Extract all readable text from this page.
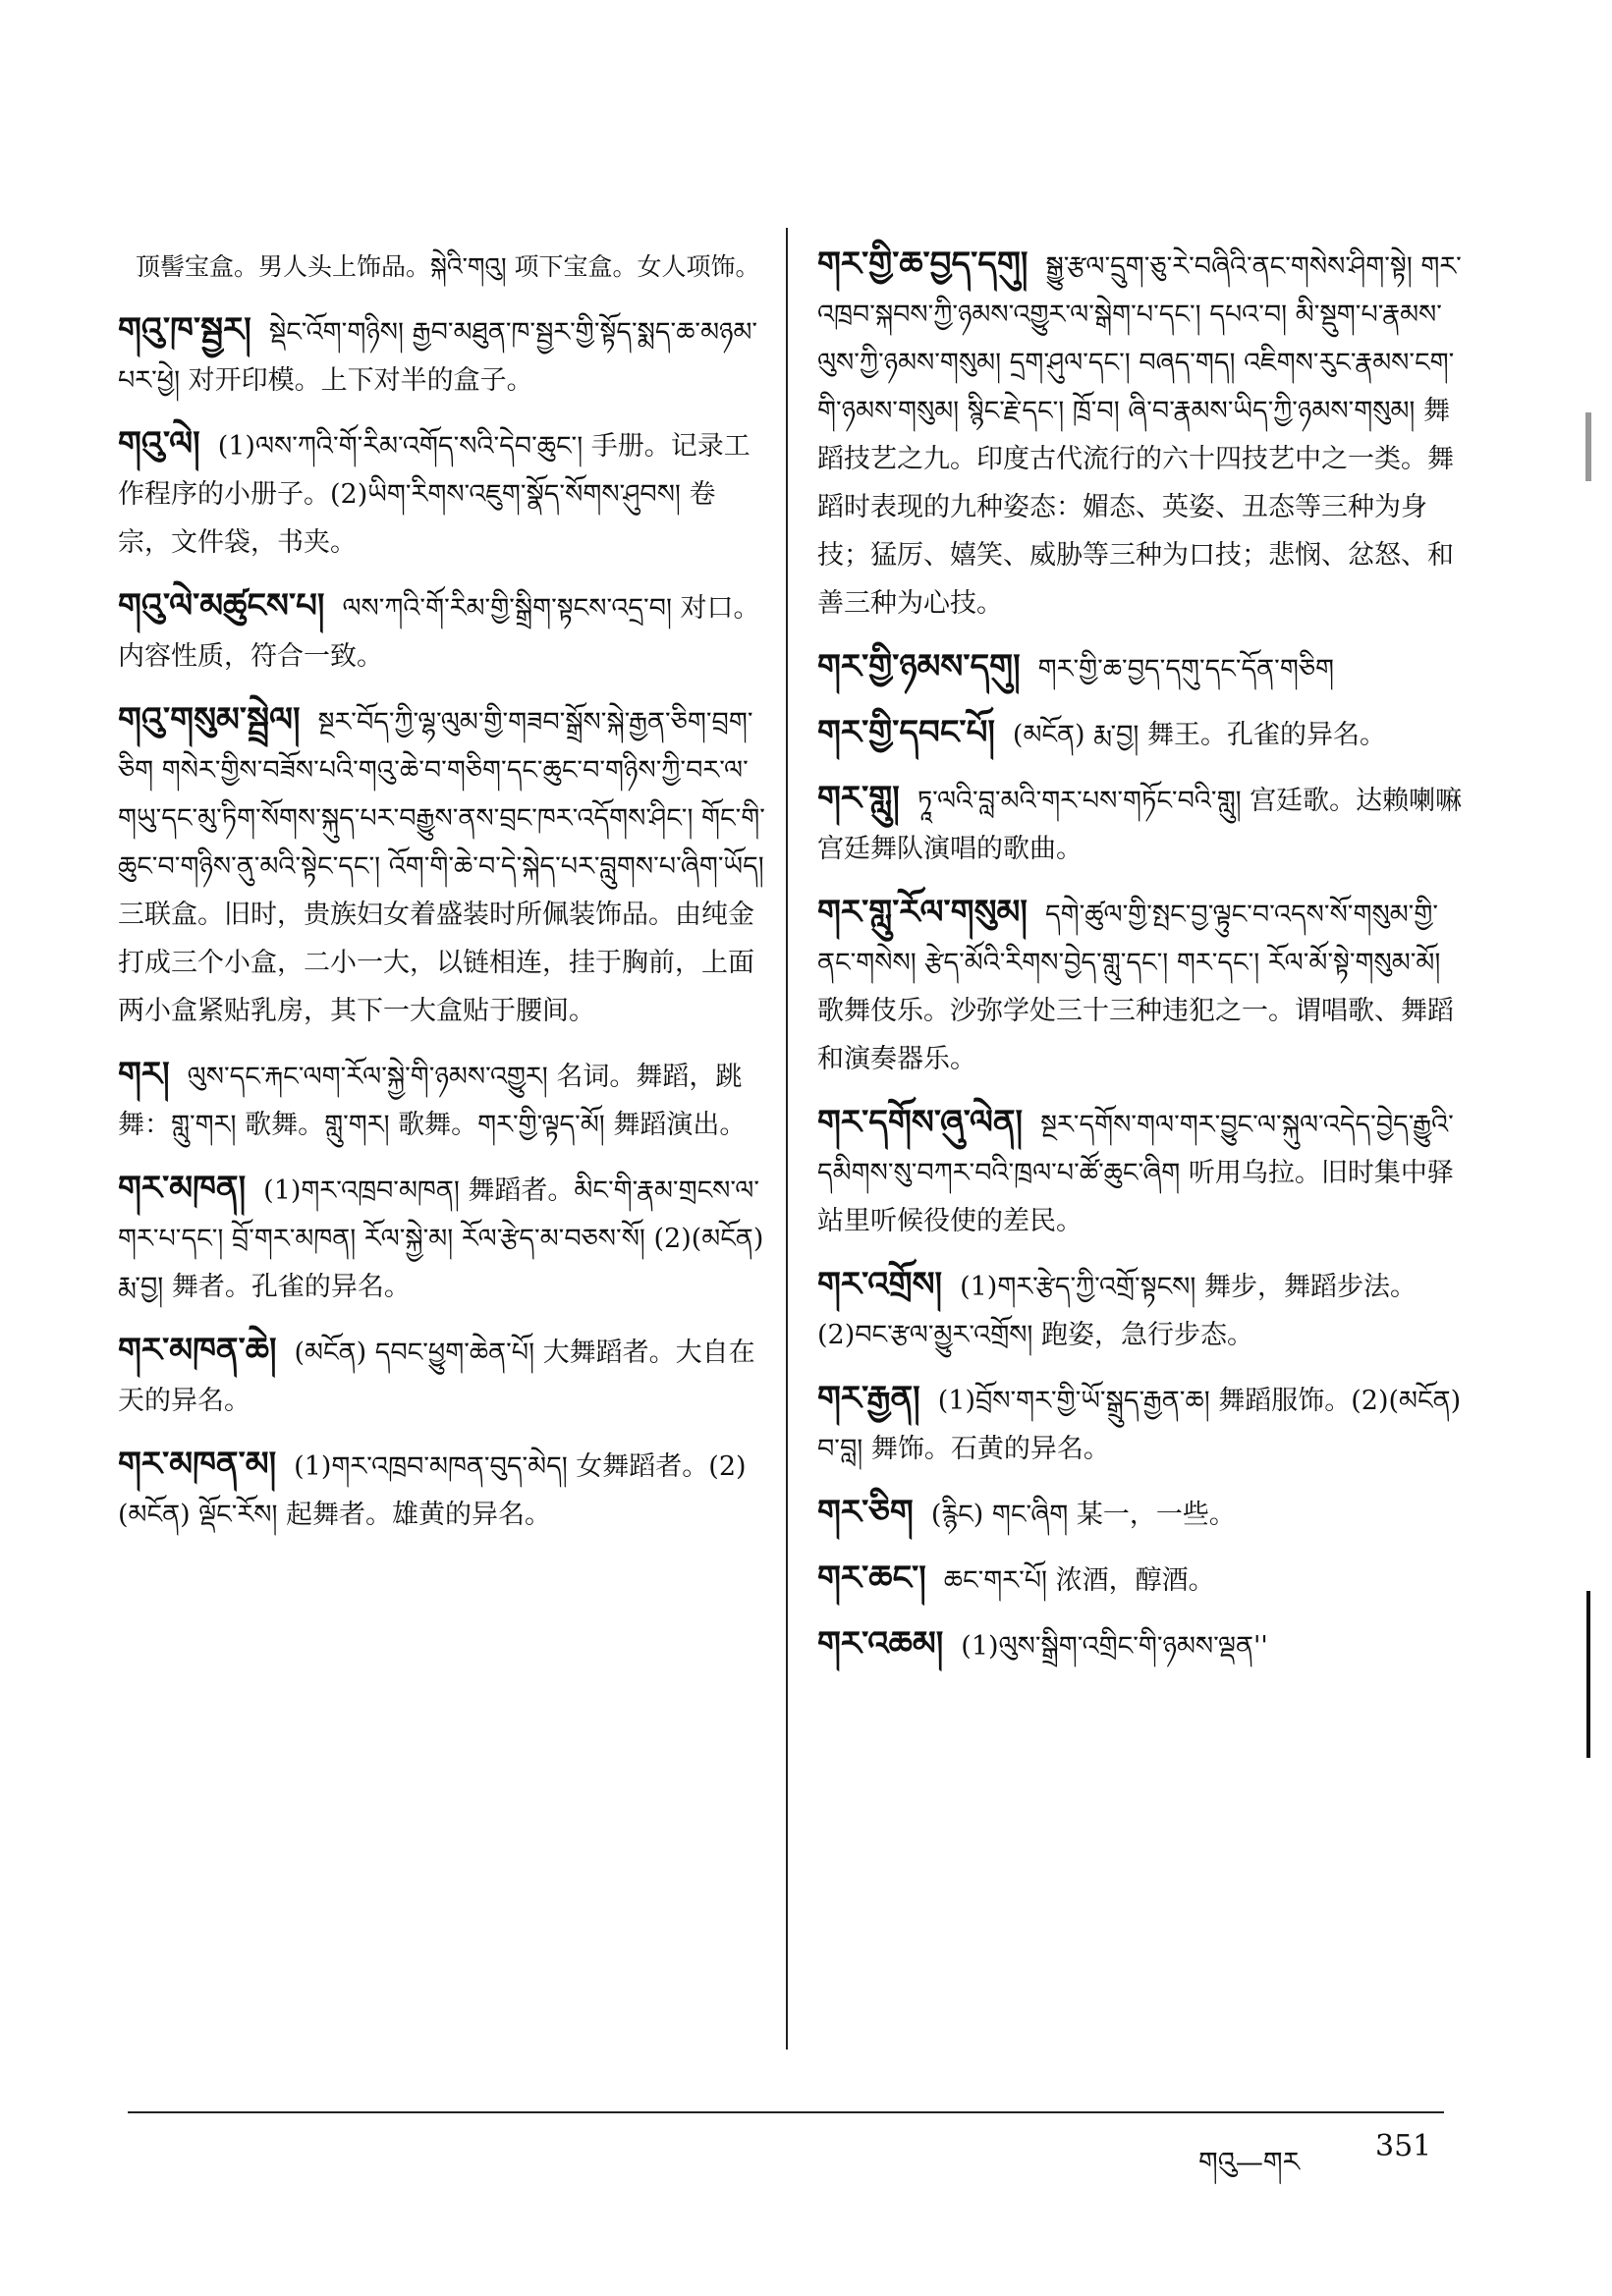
顶髻宝盒。男人头上饰品。སྐེའི་གའུ། 项下宝盒。女人项饰。
གའུ་ཁ་སྦྱར། སྡེང་འོག་གཉིས། རྒྱབ་མཐུན་ཁ་སྦྱར་གྱི་སྟོད་སྨད་ཆ་མཉམ་པར་ཕྱེ། 对开印模。上下对半的盒子。
གའུ་ལེ། (1)ལས་ཀའི་གོ་རིམ་འགོད་སའི་དེབ་ཆུང་། 手册。记录工作程序的小册子。(2)ཡིག་རིགས་འཇུག་སྣོད་སོགས་ཤུབས། 卷宗，文件袋，书夹。
གའུ་ལེ་མཚུངས་པ། ལས་ཀའི་གོ་རིམ་གྱི་སྒྲིག་སྟངས་འདྲ་བ། 对口。内容性质，符合一致。
གའུ་གསུམ་སྦྲེལ། སྔར་བོད་ཀྱི་ལྷ་ལུམ་གྱི་གཟབ་སྒྲོས་སྐེ་རྒྱན་ཅིག་བྲག་ཅིག གསེར་གྱིས་བཟོས་པའི་གའུ་ཆེ་བ་གཅིག་དང་ཆུང་བ་གཉིས་ཀྱི་བར་ལ་གཡུ་དང་མུ་ཏིག་སོགས་སྐུད་པར་བརྒྱུས་ནས་བྲང་ཁར་འདོགས་ཤིང་། གོང་གི་ཆུང་བ་གཉིས་ནུ་མའི་སྟེང་དང་། འོག་གི་ཆེ་བ་དེ་སྐེད་པར་བླུགས་པ་ཞིག་ཡོད། 三联盒。旧时，贵族妇女着盛装时所佩装饰品。由纯金打成三个小盒，二小一大，以链相连，挂于胸前，上面两小盒紧贴乳房，其下一大盒贴于腰间。
གར། ལུས་དང་རྐང་ལག་རོལ་སྐྱེ་གི་ཉམས་འགྱུར། 名词。舞蹈，跳舞：གླུ་གར། 歌舞。གླུ་གར། 歌舞。གར་གྱི་ལྟད་མོ། 舞蹈演出。
གར་མཁན། (1)གར་འཁྲབ་མཁན། 舞蹈者。མིང་གི་རྣམ་གྲངས་ལ་གར་པ་དང་། བྲོ་གར་མཁན། རོལ་སྐྱེ་མ། རོལ་རྩེད་མ་བཅས་སོ། (2)(མངོན) རྨ་བྱ། 舞者。孔雀的异名。
གར་མཁན་ཆེ། (མངོན) དབང་ཕྱུག་ཆེན་པོ། 大舞蹈者。大自在天的异名。
གར་མཁན་མ། (1)གར་འཁྲབ་མཁན་བུད་མེད། 女舞蹈者。(2)(མངོན) ལྡོང་རོས། 起舞者。雄黄的异名。
གར་གྱི་ཆ་བྱད་དགུ། སྒྱུ་རྩལ་དྲུག་ཅུ་རེ་བཞིའི་ནང་གསེས་ཤིག་སྟེ། གར་འཁྲབ་སྐབས་ཀྱི་ཉམས་འགྱུར་ལ་སྒེག་པ་དང་། དཔའ་བ། མི་སྡུག་པ་རྣམས་ལུས་ཀྱི་ཉམས་གསུམ། དྲག་ཤུལ་དང་། བཞད་གད། འཇིགས་རུང་རྣམས་ངག་གི་ཉམས་གསུམ། སྙིང་རྗེ་དང་། ཁྲོ་བ། ཞི་བ་རྣམས་ཡིད་ཀྱི་ཉམས་གསུམ། 舞蹈技艺之九。印度古代流行的六十四技艺中之一类。舞蹈时表现的九种姿态：媚态、英姿、丑态等三种为身技；猛厉、嬉笑、威胁等三种为口技；悲悯、忿怒、和善三种为心技。
གར་གྱི་ཉམས་དགུ། གར་གྱི་ཆ་བྱད་དགུ་དང་དོན་གཅིག
གར་གྱི་དབང་པོ། (མངོན) རྨ་བྱ། 舞王。孔雀的异名。
གར་གླུ། ཏཱ་ལའི་བླ་མའི་གར་པས་གཏོང་བའི་གླུ། 宫廷歌。达赖喇嘛宫廷舞队演唱的歌曲。
གར་གླུ་རོལ་གསུམ། དགེ་ཚུལ་གྱི་སྤང་བྱ་ལྟུང་བ་འདས་སོ་གསུམ་གྱི་ནང་གསེས། རྩེད་མོའི་རིགས་བྱེད་གླུ་དང་། གར་དང་། རོལ་མོ་སྟེ་གསུམ་མོ། 歌舞伎乐。沙弥学处三十三种违犯之一。谓唱歌、舞蹈和演奏器乐。
གར་དགོས་ཞུ་ལེན། སྔར་དགོས་གལ་གར་བྱུང་ལ་སྐུལ་འདེད་བྱེད་རྒྱུའི་དམིགས་སུ་བཀར་བའི་ཁྲལ་པ་ཚོ་ཆུང་ཞིག 听用乌拉。旧时集中驿站里听候役使的差民。
གར་འགྲོས། (1)གར་རྩེད་ཀྱི་འགྲོ་སྟངས། 舞步，舞蹈步法。(2)བང་རྩལ་མྱུར་འགྲོས། 跑姿，急行步态。
གར་རྒྱན། (1)བྲོས་གར་གྱི་ཡོ་སྒྲུད་རྒྱན་ཆ། 舞蹈服饰。(2)(མངོན) བ་བླ། 舞饰。石黄的异名。
གར་ཅིག (རྙིང) གང་ཞིག 某一，一些。
གར་ཆང་། ཆང་གར་པོ། 浓酒，醇酒。
གར་འཆམ། (1)ལུས་སྒྲིག་འགྲིང་གི་ཉམས་ལྡན''
གའུ—གར	351
